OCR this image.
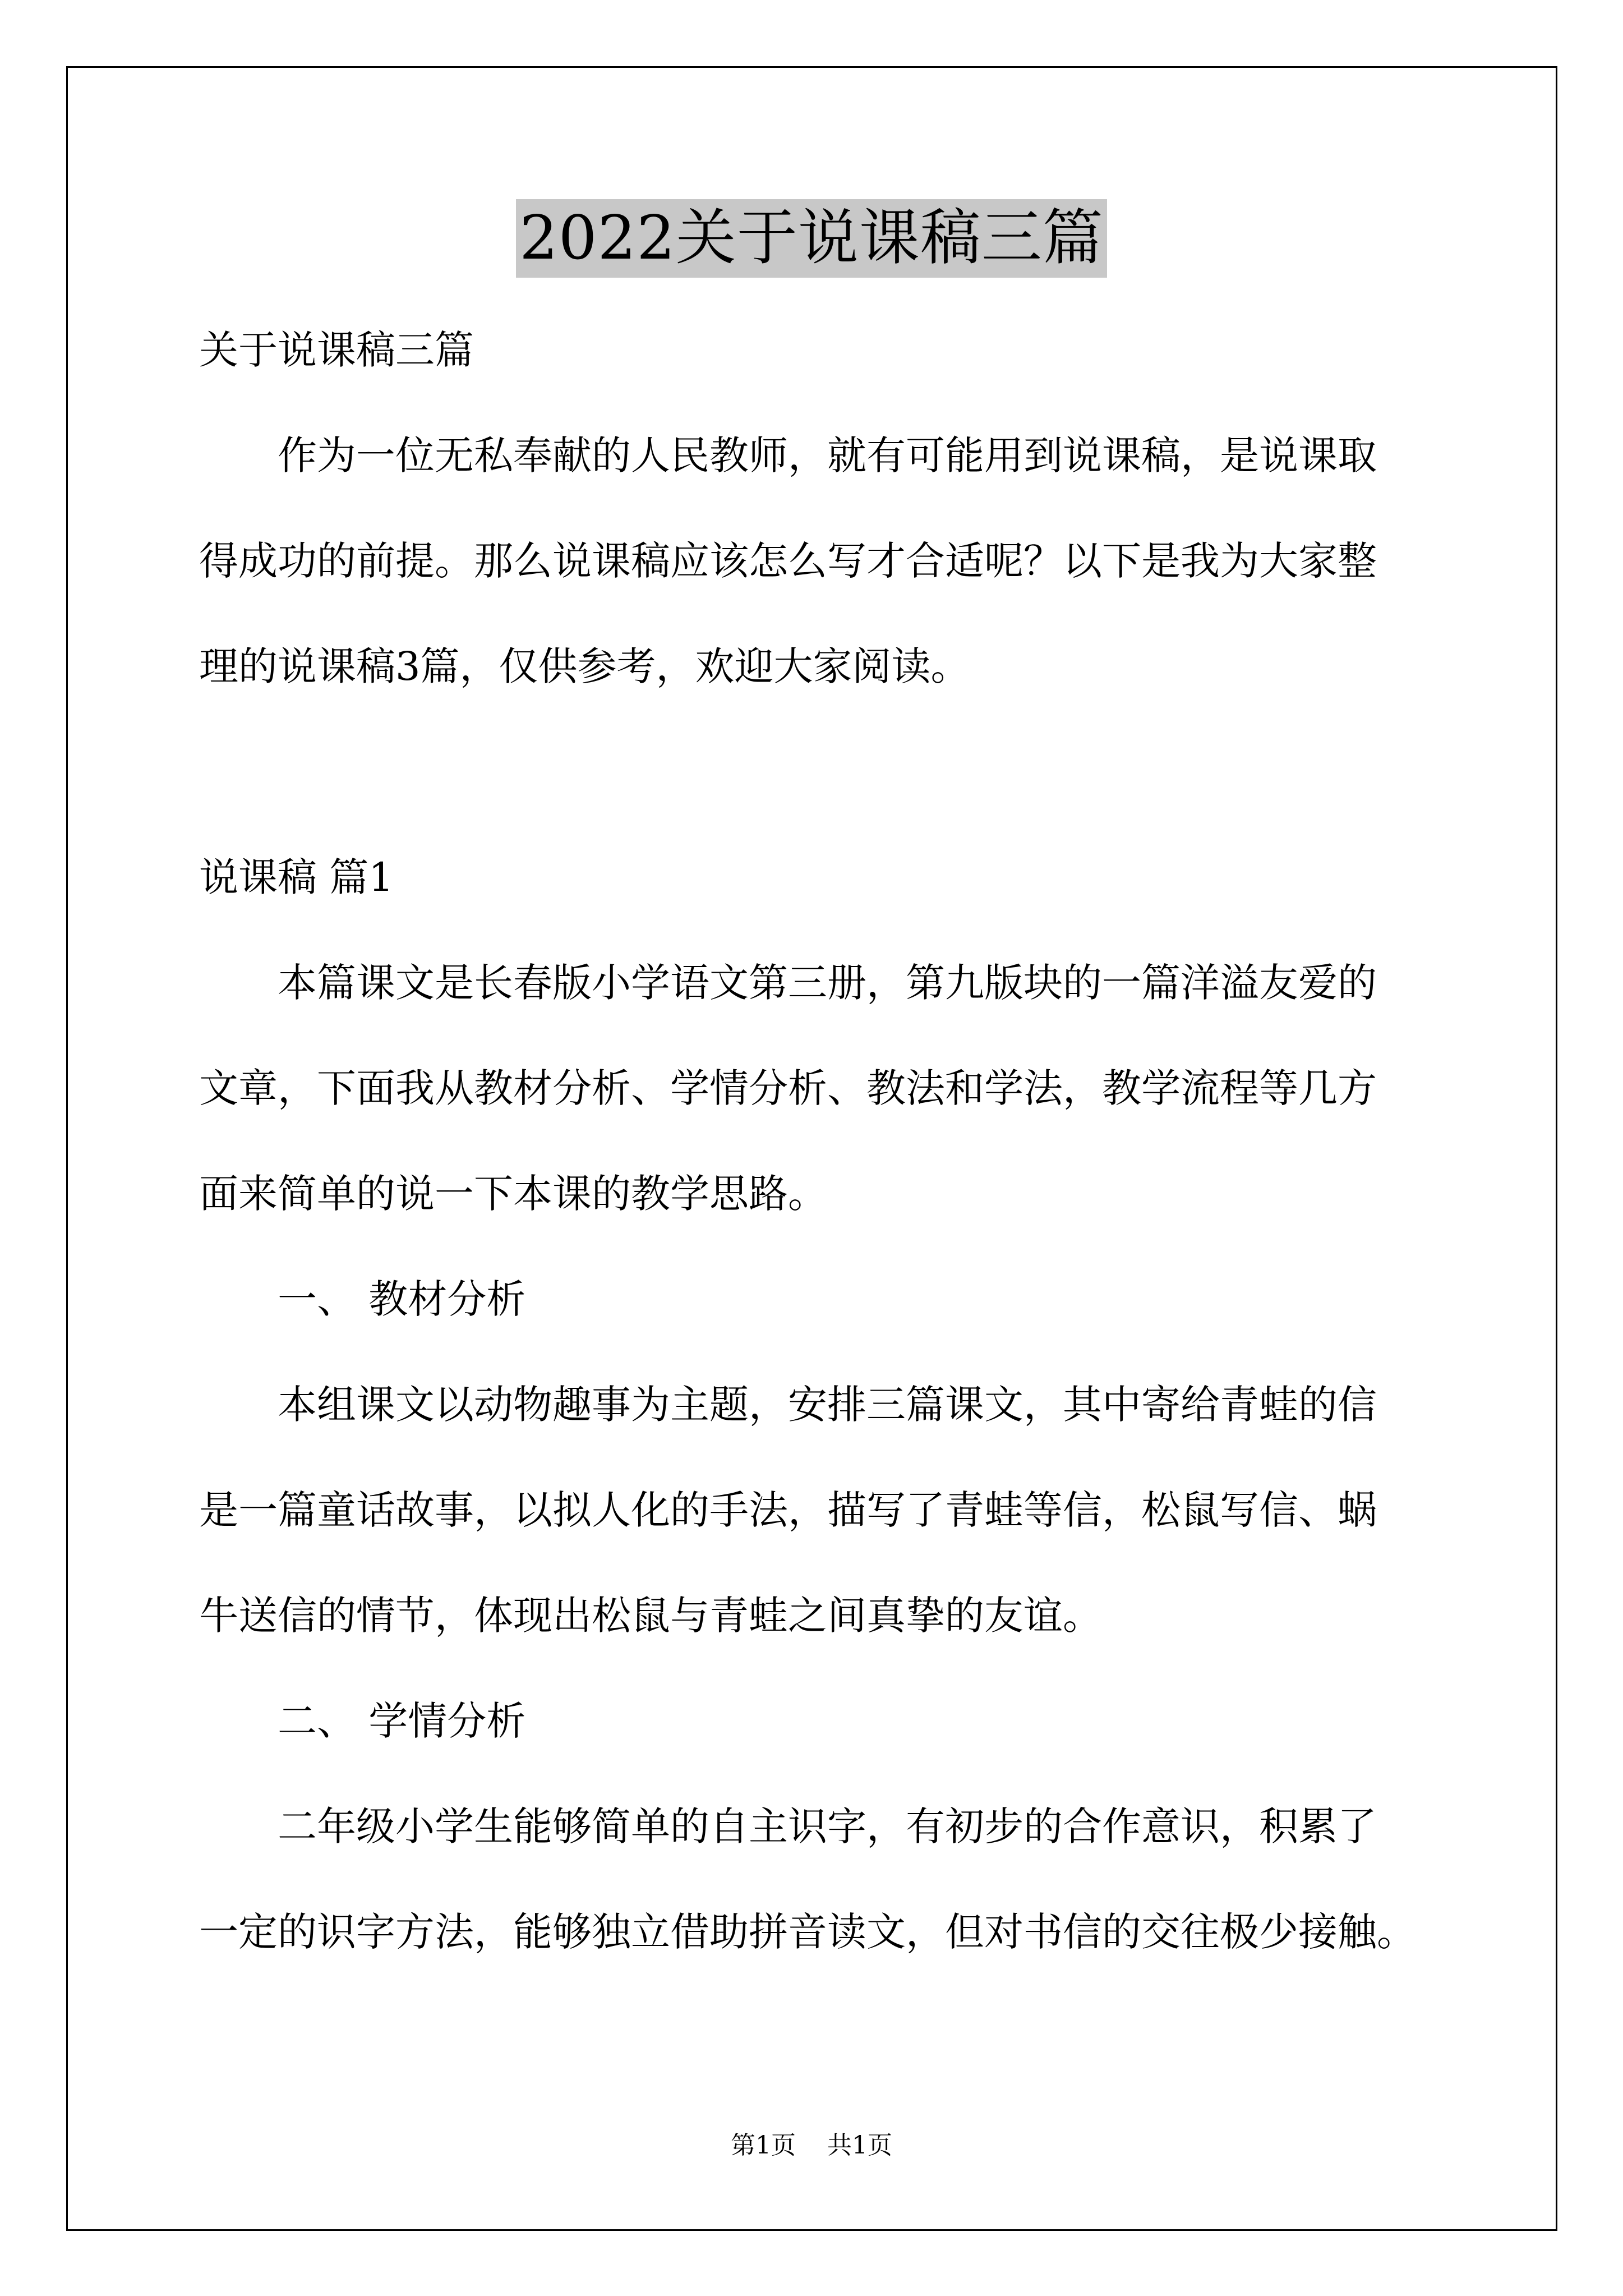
2022关于说课稿三篇
关于说课稿三篇
作为一位无私奉献的人民教师，就有可能用到说课稿，是说课取
得成功的前提。那么说课稿应该怎么写才合适呢？以下是我为大家整
理的说课稿3篇，仅供参考，欢迎大家阅读。
说课稿 篇1
本篇课文是长春版小学语文第三册，第九版块的一篇洋溢友爱的
文章，下面我从教材分析、学情分析、教法和学法，教学流程等几方
面来简单的说一下本课的教学思路。
一、 教材分析
本组课文以动物趣事为主题，安排三篇课文，其中寄给青蛙的信
是一篇童话故事，以拟人化的手法，描写了青蛙等信，松鼠写信、蜗
牛送信的情节，体现出松鼠与青蛙之间真挚的友谊。
二、 学情分析
二年级小学生能够简单的自主识字，有初步的合作意识，积累了
一定的识字方法，能够独立借助拼音读文，但对书信的交往极少接触。
第1页    共1页
